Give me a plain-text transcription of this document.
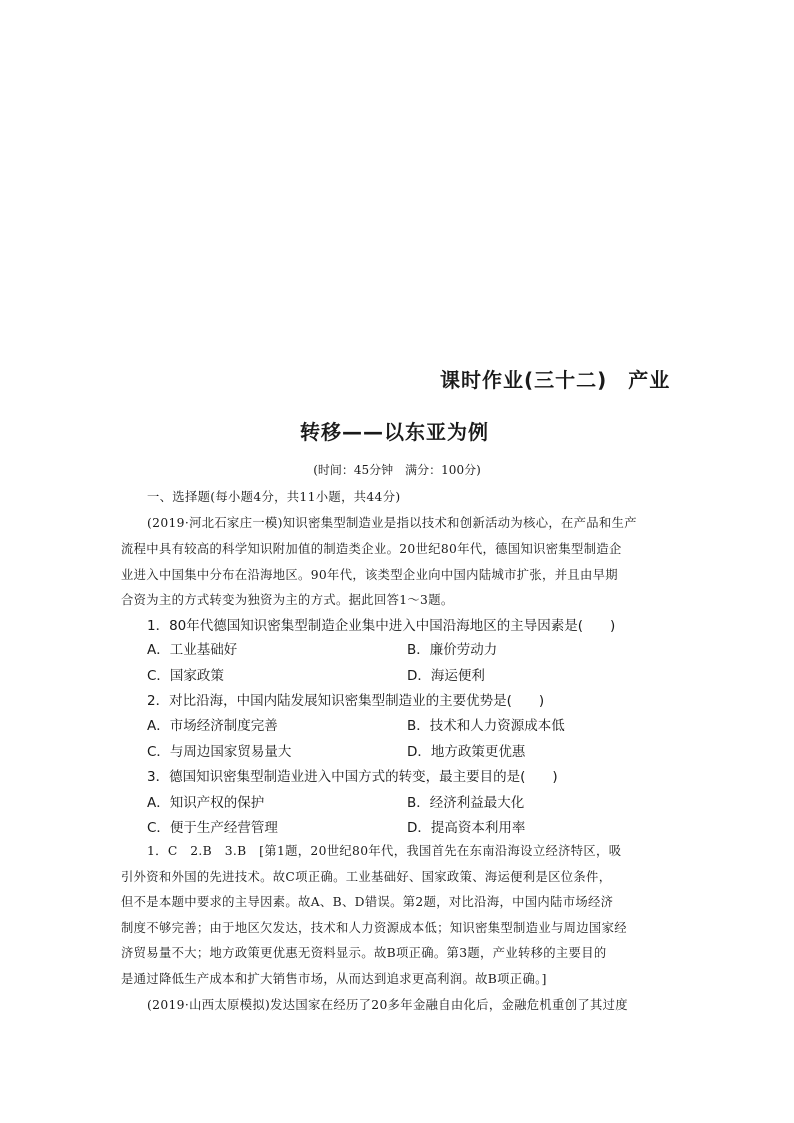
课时作业(三十二)　产业
转移——以东亚为例
(时间：45分钟　满分：100分)
一、选择题(每小题4分，共11小题，共44分)
(2019·河北石家庄一模)知识密集型制造业是指以技术和创新活动为核心，在产品和生产
流程中具有较高的科学知识附加值的制造类企业。20世纪80年代，德国知识密集型制造企
业进入中国集中分布在沿海地区。90年代，该类型企业向中国内陆城市扩张，并且由早期
合资为主的方式转变为独资为主的方式。据此回答1～3题。
1．80年代德国知识密集型制造企业集中进入中国沿海地区的主导因素是(　　)
A．工业基础好	B．廉价劳动力
C．国家政策	D．海运便利
2．对比沿海，中国内陆发展知识密集型制造业的主要优势是(　　)
A．市场经济制度完善	B．技术和人力资源成本低
C．与周边国家贸易量大	D．地方政策更优惠
3．德国知识密集型制造业进入中国方式的转变，最主要目的是(　　)
A．知识产权的保护	B．经济利益最大化
C．便于生产经营管理	D．提高资本利用率
1．C　2.B　3.B　[第1题，20世纪80年代，我国首先在东南沿海设立经济特区，吸
引外资和外国的先进技术。故C项正确。工业基础好、国家政策、海运便利是区位条件，
但不是本题中要求的主导因素。故A、B、D错误。第2题，对比沿海，中国内陆市场经济
制度不够完善；由于地区欠发达，技术和人力资源成本低；知识密集型制造业与周边国家经
济贸易量不大；地方政策更优惠无资料显示。故B项正确。第3题，产业转移的主要目的
是通过降低生产成本和扩大销售市场，从而达到追求更高利润。故B项正确。]
(2019·山西太原模拟)发达国家在经历了20多年金融自由化后，金融危机重创了其过度
